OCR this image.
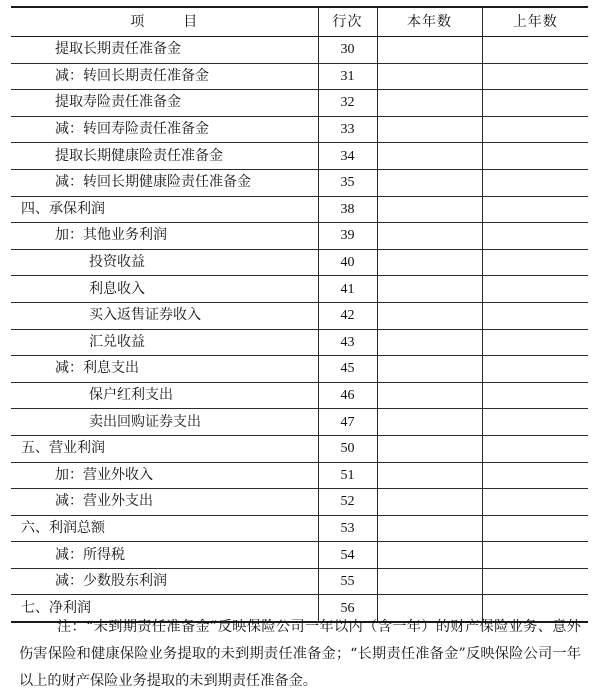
项 目	行次	本年数	上年数
提取长期责任准备金	30		
减：转回长期责任准备金	31		
提取寿险责任准备金	32		
减：转回寿险责任准备金	33		
提取长期健康险责任准备金	34		
减：转回长期健康险责任准备金	35		
四、承保利润	38		
加：其他业务利润	39		
投资收益	40		
利息收入	41		
买入返售证券收入	42		
汇兑收益	43		
减：利息支出	45		
保户红利支出	46		
卖出回购证券支出	47		
五、营业利润	50		
加：营业外收入	51		
减：营业外支出	52		
六、利润总额	53		
减：所得税	54		
减：少数股东利润	55		
七、净利润	56		

注：“未到期责任准备金”反映保险公司一年以内（含一年）的财产保险业务、意外伤害保险和健康保险业务提取的未到期责任准备金；“长期责任准备金”反映保险公司一年以上的财产保险业务提取的未到期责任准备金。
